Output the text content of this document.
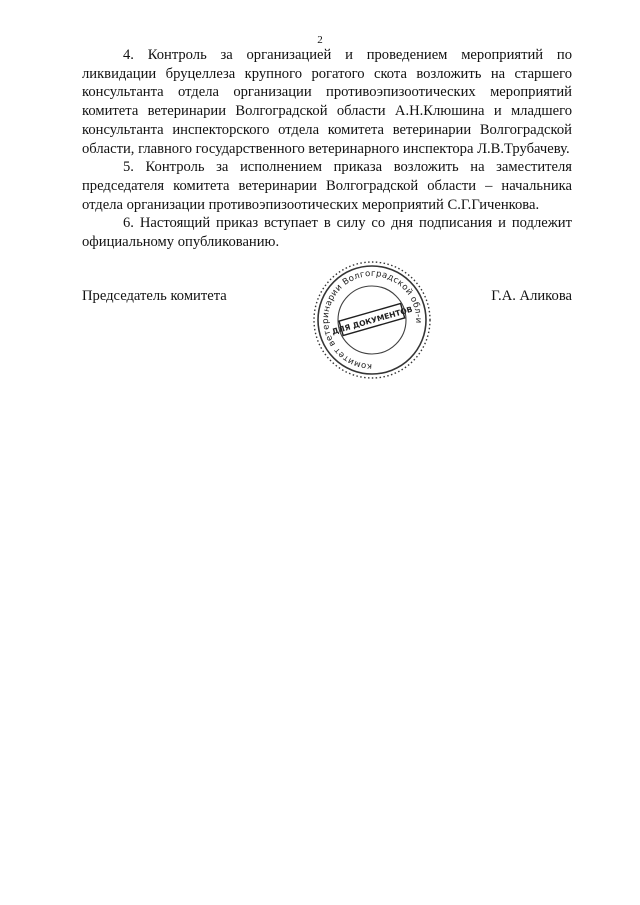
2

4. Контроль за организацией и проведением мероприятий по ликвидации бруцеллеза крупного рогатого скота возложить на старшего консультанта отдела организации противоэпизоотических мероприятий комитета ветеринарии Волгоградской области А.Н.Клюшина и младшего консультанта инспекторского отдела комитета ветеринарии Волгоградской области, главного государственного ветеринарного инспектора Л.В.Трубачеву.

5. Контроль за исполнением приказа возложить на заместителя председателя комитета ветеринарии Волгоградской области – начальника отдела организации противоэпизоотических мероприятий С.Г.Гиченкова.

6. Настоящий приказ вступает в силу со дня подписания и подлежит официальному опубликованию.

Председатель комитета	Г.А. Аликова
комитет ветеринарии Волгоградской обл-и
ДЛЯ ДОКУМЕНТОВ
